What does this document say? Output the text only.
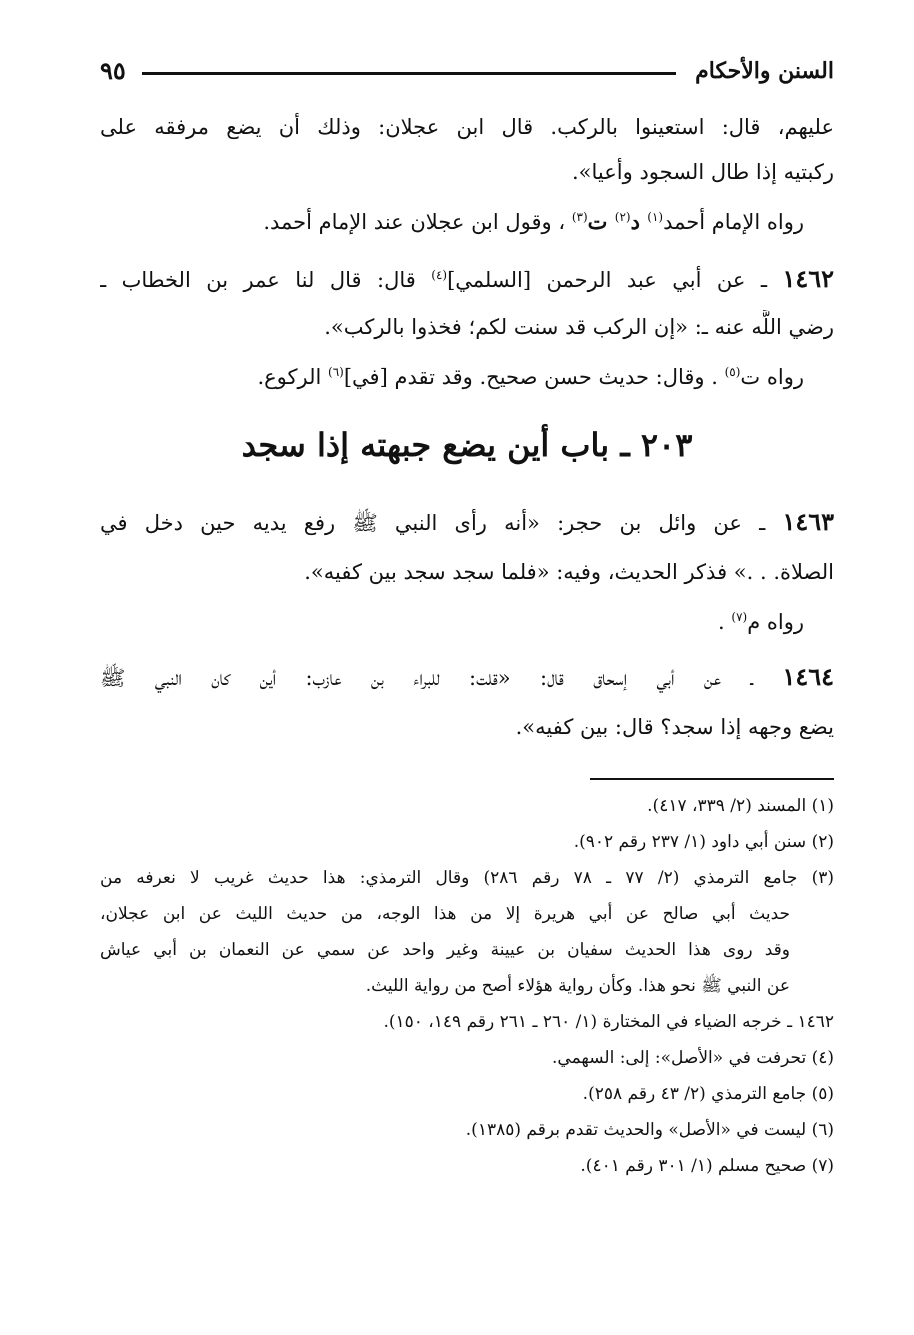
السنن والأحكام
٩٥
عليهم، قال: استعينوا بالركب. قال ابن عجلان: وذلك أن يضع مرفقه على
ركبتيه إذا طال السجود وأعيا».
رواه الإمام أحمد$^{(١)}$ د$^{(٢)}$ ت$^{(٣)}$ ، وقول ابن عجلان عند الإمام أحمد.
١٤٦٢ ـ عن أبي عبد الرحمن [السلمي]$^{(٤)}$ قال: قال لنا عمر بن الخطاب ـ
رضي اللَّه عنه ـ: «إن الركب قد سنت لكم؛ فخذوا بالركب».
رواه ت$^{(٥)}$ . وقال: حديث حسن صحيح. وقد تقدم [في]$^{(٦)}$ الركوع.
٢٠٣ ـ باب أين يضع جبهته إذا سجد
١٤٦٣ ـ عن وائل بن حجر: «أنه رأى النبي ﷺ رفع يديه حين دخل في
الصلاة. . .» فذكر الحديث، وفيه: «فلما سجد سجد بين كفيه».
رواه م$^{(٧)}$ .
١٤٦٤ ـ عن أبي إسحاق قال: «قلت: للبراء بن عازب: أين كان النبي ﷺ
يضع وجهه إذا سجد؟ قال: بين كفيه».
(١) المسند (٢/ ٣٣٩، ٤١٧).
(٢) سنن أبي داود (١/ ٢٣٧ رقم ٩٠٢).
(٣) جامع الترمذي (٢/ ٧٧ ـ ٧٨ رقم ٢٨٦) وقال الترمذي: هذا حديث غريب لا نعرفه من
حديث أبي صالح عن أبي هريرة إلا من هذا الوجه، من حديث الليث عن ابن عجلان،
وقد روى هذا الحديث سفيان بن عيينة وغير واحد عن سمي عن النعمان بن أبي عياش
عن النبي ﷺ نحو هذا. وكأن رواية هؤلاء أصح من رواية الليث.
١٤٦٢ ـ خرجه الضياء في المختارة (١/ ٢٦٠ ـ ٢٦١ رقم ١٤٩، ١٥٠).
(٤) تحرفت في «الأصل»: إلى: السهمي.
(٥) جامع الترمذي (٢/ ٤٣ رقم ٢٥٨).
(٦) ليست في «الأصل» والحديث تقدم برقم (١٣٨٥).
(٧) صحيح مسلم (١/ ٣٠١ رقم ٤٠١).
